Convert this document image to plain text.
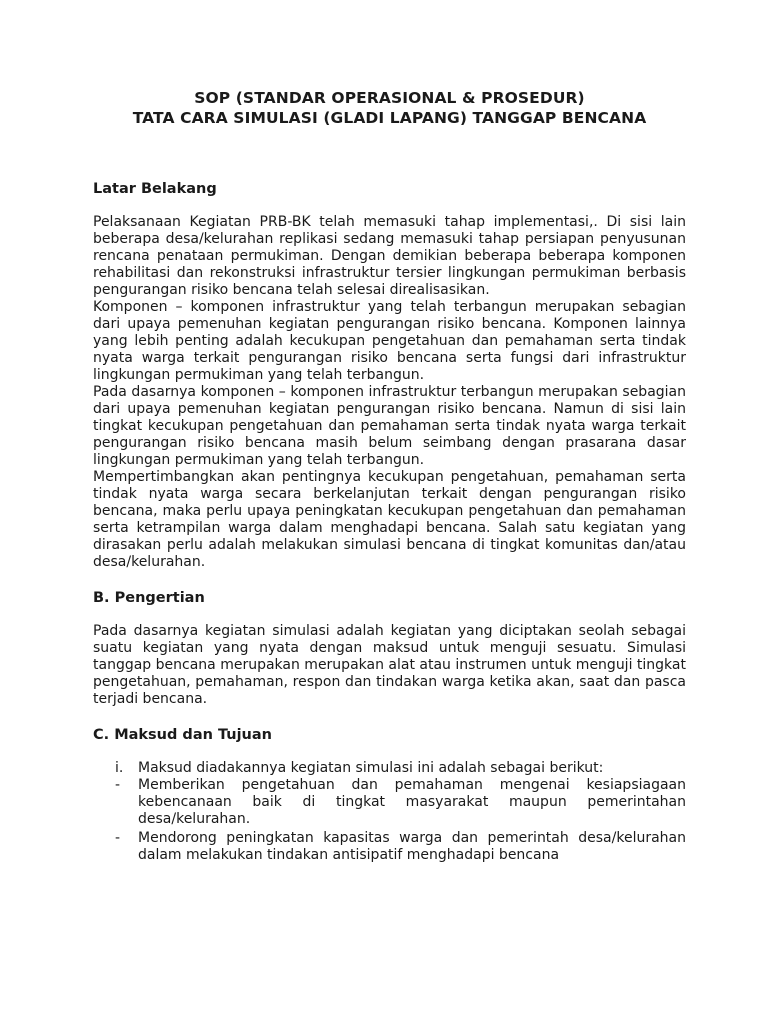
SOP (STANDAR OPERASIONAL & PROSEDUR)
TATA CARA SIMULASI (GLADI LAPANG) TANGGAP BENCANA
Latar Belakang

Pelaksanaan Kegiatan PRB-BK telah memasuki tahap implementasi,. Di sisi lain beberapa desa/kelurahan replikasi sedang memasuki tahap persiapan penyusunan rencana penataan permukiman. Dengan demikian beberapa beberapa komponen rehabilitasi dan rekonstruksi infrastruktur tersier lingkungan permukiman berbasis pengurangan risiko bencana telah selesai direalisasikan.

Komponen – komponen infrastruktur yang telah terbangun merupakan sebagian dari upaya pemenuhan kegiatan pengurangan risiko bencana. Komponen lainnya yang lebih penting adalah kecukupan pengetahuan dan pemahaman serta tindak nyata warga terkait pengurangan risiko bencana serta fungsi dari infrastruktur lingkungan permukiman yang telah terbangun.

Pada dasarnya komponen – komponen infrastruktur terbangun merupakan sebagian dari upaya pemenuhan kegiatan pengurangan risiko bencana. Namun di sisi lain tingkat kecukupan pengetahuan dan pemahaman serta tindak nyata warga terkait pengurangan risiko bencana masih belum seimbang dengan prasarana dasar lingkungan permukiman yang telah terbangun.

Mempertimbangkan akan pentingnya kecukupan pengetahuan, pemahaman serta tindak nyata warga secara berkelanjutan terkait dengan pengurangan risiko bencana, maka perlu upaya peningkatan kecukupan pengetahuan dan pemahaman serta ketrampilan warga dalam menghadapi bencana. Salah satu kegiatan yang dirasakan perlu adalah melakukan simulasi bencana di tingkat komunitas dan/atau desa/kelurahan.

B. Pengertian

Pada dasarnya kegiatan simulasi adalah kegiatan yang diciptakan seolah sebagai suatu kegiatan yang nyata dengan maksud untuk menguji sesuatu. Simulasi tanggap bencana merupakan merupakan alat atau instrumen untuk menguji tingkat pengetahuan, pemahaman, respon dan tindakan warga ketika akan, saat dan pasca terjadi bencana.

C. Maksud dan Tujuan
i. Maksud diadakannya kegiatan simulasi ini adalah sebagai berikut:
- Memberikan pengetahuan dan pemahaman mengenai kesiapsiagaan kebencanaan baik di tingkat masyarakat maupun pemerintahan desa/kelurahan.
- Mendorong peningkatan kapasitas warga dan pemerintah desa/kelurahan dalam melakukan tindakan antisipatif menghadapi bencana
